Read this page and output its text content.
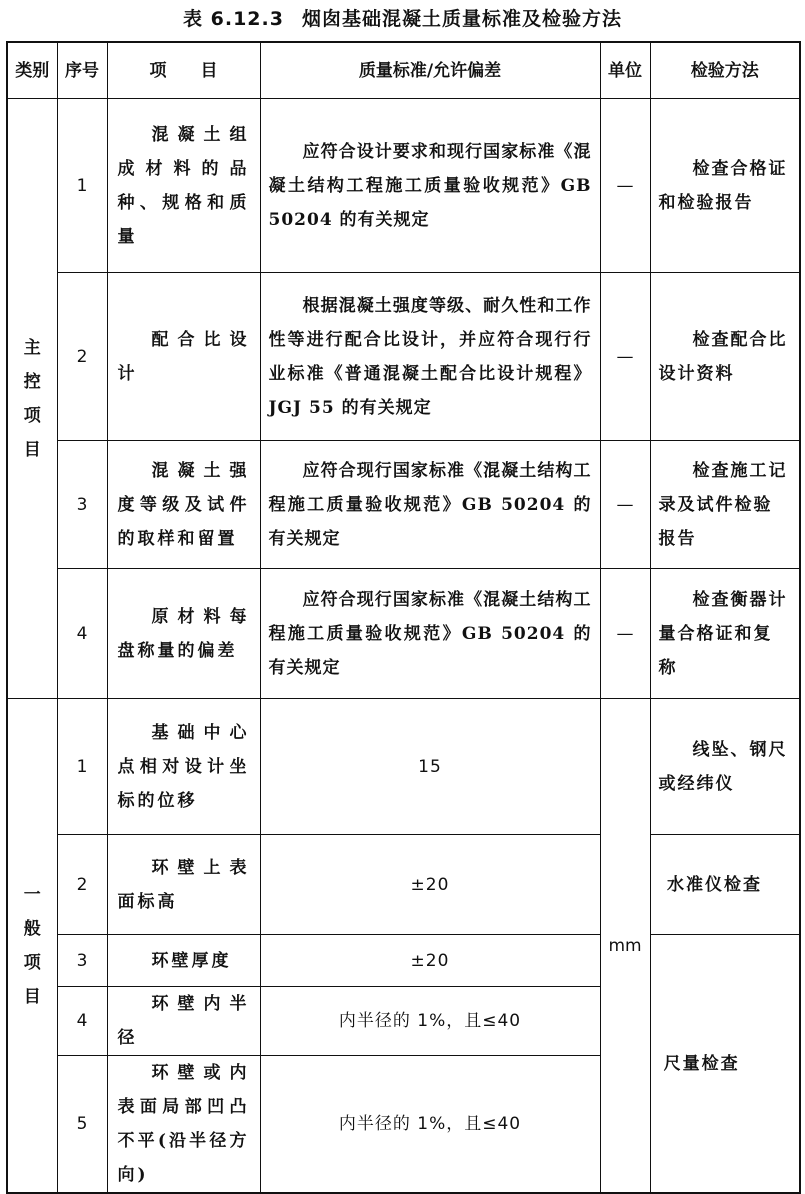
表 6.12.3 烟囱基础混凝土质量标准及检验方法
类别	序号	项　　目	质量标准/允许偏差	单位	检验方法
主控项目	1	混凝土组成材料的品种、规格和质量	应符合设计要求和现行国家标准《混凝土结构工程施工质量验收规范》GB 50204 的有关规定	—	检查合格证和检验报告

	2	配合比设计	根据混凝土强度等级、耐久性和工作性等进行配合比设计，并应符合现行行业标准《普通混凝土配合比设计规程》JGJ 55 的有关规定	—	检查配合比设计资料

	3	混凝土强度等级及试件的取样和留置	应符合现行国家标准《混凝土结构工程施工质量验收规范》GB 50204 的有关规定	—	检查施工记录及试件检验报告

	4	原材料每盘称量的偏差	应符合现行国家标准《混凝土结构工程施工质量验收规范》GB 50204 的有关规定	—	检查衡器计量合格证和复称

一般项目	1	基础中心点相对设计坐标的位移	15	mm	线坠、钢尺或经纬仪

	2	环壁上表面标高	±20		水准仪检查

	3	环壁厚度	±20		尺量检查

	4	环壁内半径	内半径的 1%，且≤40		

	5	环壁或内表面局部凹凸不平(沿半径方向)	内半径的 1%，且≤40		
